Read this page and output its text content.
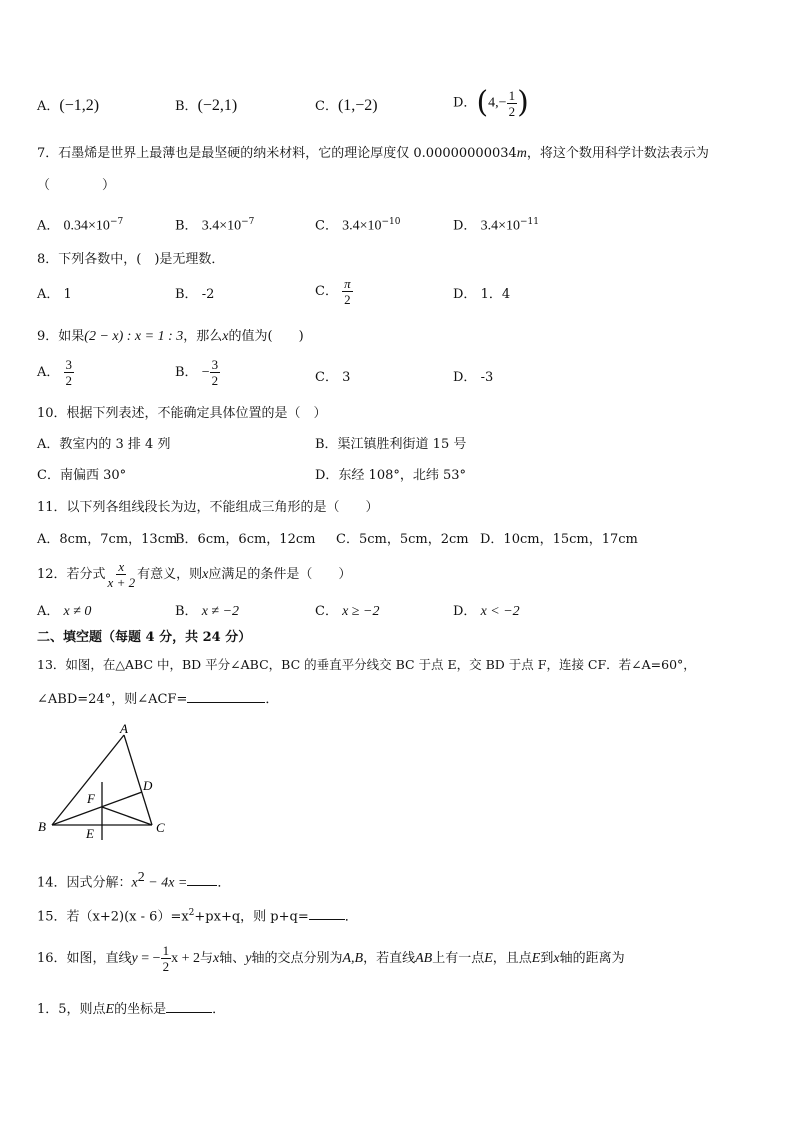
A．(−1,2)	B．(−2,1)	C．(1,−2)	D．($4,- \frac{1}{2}$ )
7．石墨烯是世界上最薄也是最坚硬的纳米材料，它的理论厚度仅 0.00000000034m，将这个数用科学计数法表示为
（　　　　）
A． $0.34\times 10^{-7}$	B． $3.4\times 10^{-7}$	C． $3.4\times 10^{-10}$	D． $3.4\times 10^{-11}$
8．下列各数中，(　)是无理数．
A． 1	B． -2	C． $\frac{\pi}{2}$	D． 1．4
9．如果(2 − x) : x = 1 : 3，那么x的值为(　　)
A． $\frac{3}{2}$	B． − $\frac{3}{2}$	C． 3	D． -3
10．根据下列表述，不能确定具体位置的是（　）
A．教室内的 3 排 4 列	B．渠江镇胜利街道 15 号
C．南偏西 30°	D．东经 108°，北纬 53°
11．以下列各组线段长为边，不能组成三角形的是（　　）
A．8cm，7cm，13cm
B．6cm，6cm，12cm C．5cm，5cm，2cm D．10cm，15cm，17cm
12．若分式 $\frac{x}{x + 2}$ 有意义，则x应满足的条件是（　　）
A． x ≠ 0	B． x ≠ −2	C． x ≥ −2	D． x < −2
二、填空题（每题 4 分，共 24 分）
13．如图，在△ABC 中，BD 平分∠ABC，BC 的垂直平分线交 BC 于点 E，交 BD 于点 F，连接 CF．若∠A=60°，
∠ABD=24°，则∠ACF=	．
A
B	C
D
E
F
14．因式分解：$x^2 - 4x$ = ．
15．若$(x+2)(x - 6)=x^2+px+q$，则 p+q=	．
16．如图，直线y = − $\frac{1}{2}$ x + 2与x轴、y轴的交点分别为A,B，若直线AB上有一点E，且点E到x轴的距离为
1．5，则点E的坐标是	．
